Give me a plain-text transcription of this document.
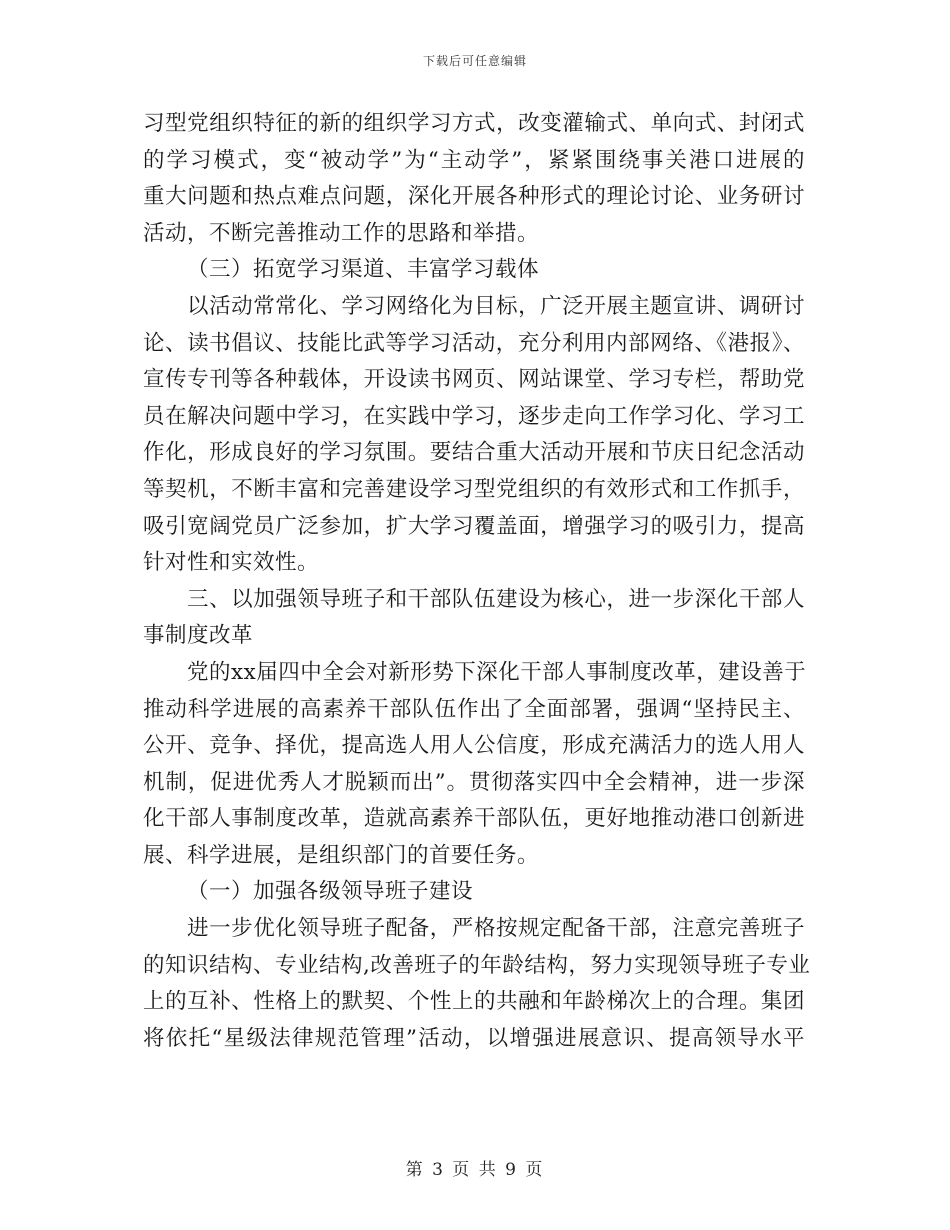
下载后可任意编辑
习型党组织特征的新的组织学习方式，改变灌输式、单向式、封闭式
的学习模式，变“被动学”为“主动学”，紧紧围绕事关港口进展的
重大问题和热点难点问题，深化开展各种形式的理论讨论、业务研讨
活动，不断完善推动工作的思路和举措。
（三）拓宽学习渠道、丰富学习载体
以活动常常化、学习网络化为目标，广泛开展主题宣讲、调研讨
论、读书倡议、技能比武等学习活动，充分利用内部网络、《港报》、
宣传专刊等各种载体，开设读书网页、网站课堂、学习专栏，帮助党
员在解决问题中学习，在实践中学习，逐步走向工作学习化、学习工
作化，形成良好的学习氛围。要结合重大活动开展和节庆日纪念活动
等契机，不断丰富和完善建设学习型党组织的有效形式和工作抓手，
吸引宽阔党员广泛参加，扩大学习覆盖面，增强学习的吸引力，提高
针对性和实效性。
三、以加强领导班子和干部队伍建设为核心，进一步深化干部人
事制度改革
党的xx届四中全会对新形势下深化干部人事制度改革，建设善于
推动科学进展的高素养干部队伍作出了全面部署，强调“坚持民主、
公开、竞争、择优，提高选人用人公信度，形成充满活力的选人用人
机制，促进优秀人才脱颖而出”。贯彻落实四中全会精神，进一步深
化干部人事制度改革，造就高素养干部队伍，更好地推动港口创新进
展、科学进展，是组织部门的首要任务。
（一）加强各级领导班子建设
进一步优化领导班子配备，严格按规定配备干部，注意完善班子
的知识结构、专业结构,改善班子的年龄结构，努力实现领导班子专业
上的互补、性格上的默契、个性上的共融和年龄梯次上的合理。集团
将依托“星级法律规范管理”活动，以增强进展意识、提高领导水平
第 3 页 共 9 页
